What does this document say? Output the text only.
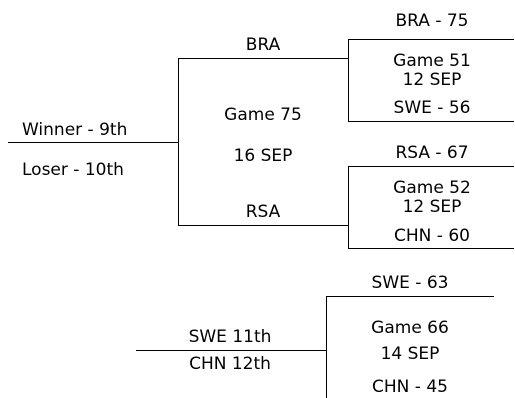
Winner - 9th
Loser - 10th
BRA
Game 75
16 SEP
RSA
BRA - 75
Game 51
12 SEP
SWE - 56
RSA - 67
Game 52
12 SEP
CHN - 60
SWE 11th
CHN 12th
SWE - 63
Game 66
14 SEP
CHN - 45
